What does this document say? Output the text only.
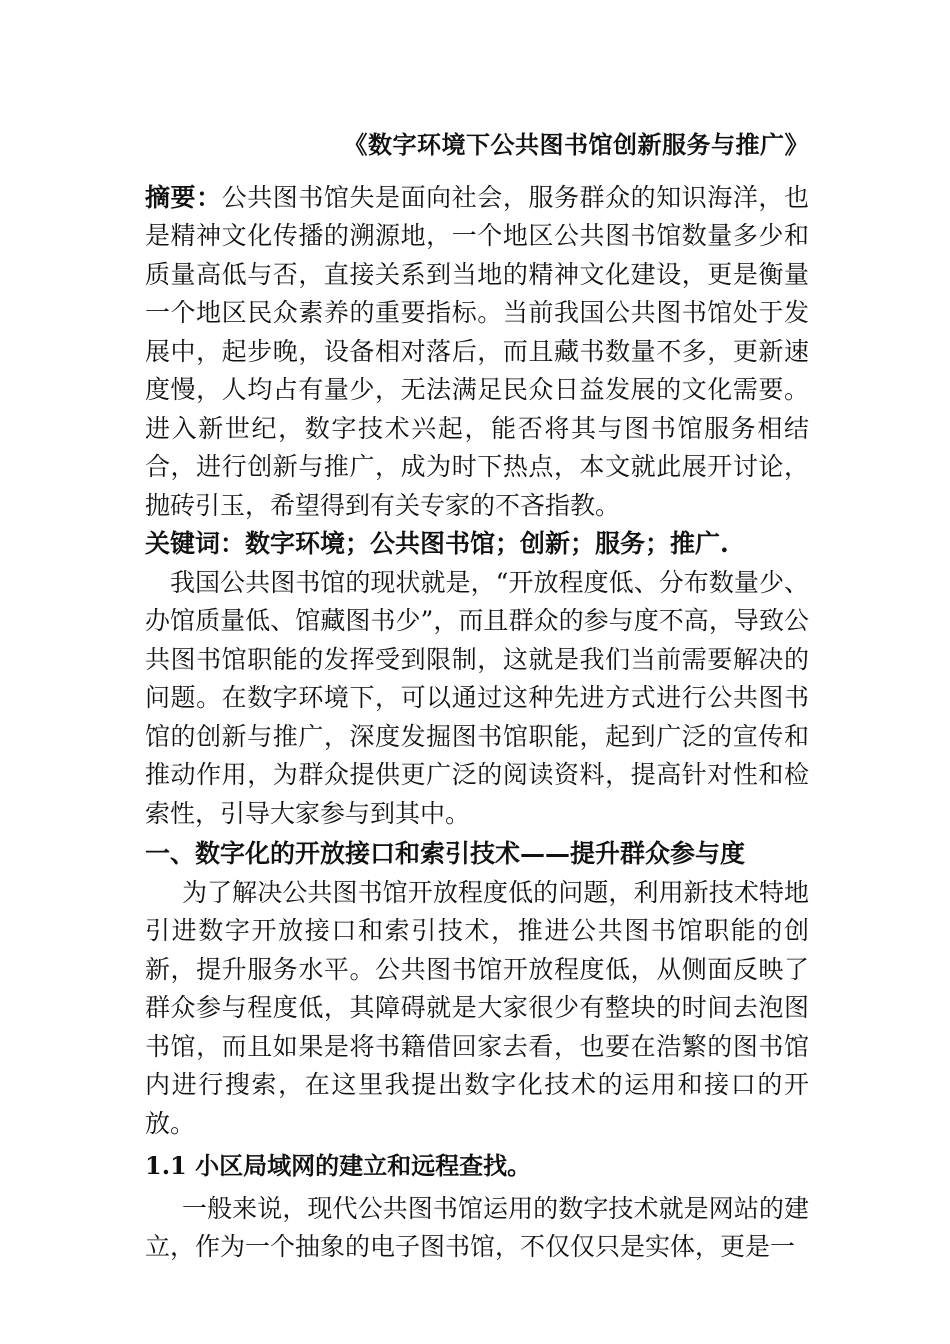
《数字环境下公共图书馆创新服务与推广》

摘要：公共图书馆失是面向社会，服务群众的知识海洋，也是精神文化传播的溯源地，一个地区公共图书馆数量多少和质量高低与否，直接关系到当地的精神文化建设，更是衡量一个地区民众素养的重要指标。当前我国公共图书馆处于发展中，起步晚，设备相对落后，而且藏书数量不多，更新速度慢，人均占有量少，无法满足民众日益发展的文化需要。进入新世纪，数字技术兴起，能否将其与图书馆服务相结合，进行创新与推广，成为时下热点，本文就此展开讨论，抛砖引玉，希望得到有关专家的不吝指教。

关键词：数字环境；公共图书馆；创新；服务；推广.

我国公共图书馆的现状就是，“开放程度低、分布数量少、办馆质量低、馆藏图书少”，而且群众的参与度不高，导致公共图书馆职能的发挥受到限制，这就是我们当前需要解决的问题。在数字环境下，可以通过这种先进方式进行公共图书馆的创新与推广，深度发掘图书馆职能，起到广泛的宣传和推动作用，为群众提供更广泛的阅读资料，提高针对性和检索性，引导大家参与到其中。

一、数字化的开放接口和索引技术——提升群众参与度

为了解决公共图书馆开放程度低的问题，利用新技术特地引进数字开放接口和索引技术，推进公共图书馆职能的创新，提升服务水平。公共图书馆开放程度低，从侧面反映了群众参与程度低，其障碍就是大家很少有整块的时间去泡图书馆，而且如果是将书籍借回家去看，也要在浩繁的图书馆内进行搜索，在这里我提出数字化技术的运用和接口的开放。

1.1 小区局域网的建立和远程查找。

一般来说，现代公共图书馆运用的数字技术就是网站的建立，作为一个抽象的电子图书馆，不仅仅只是实体，更是一
